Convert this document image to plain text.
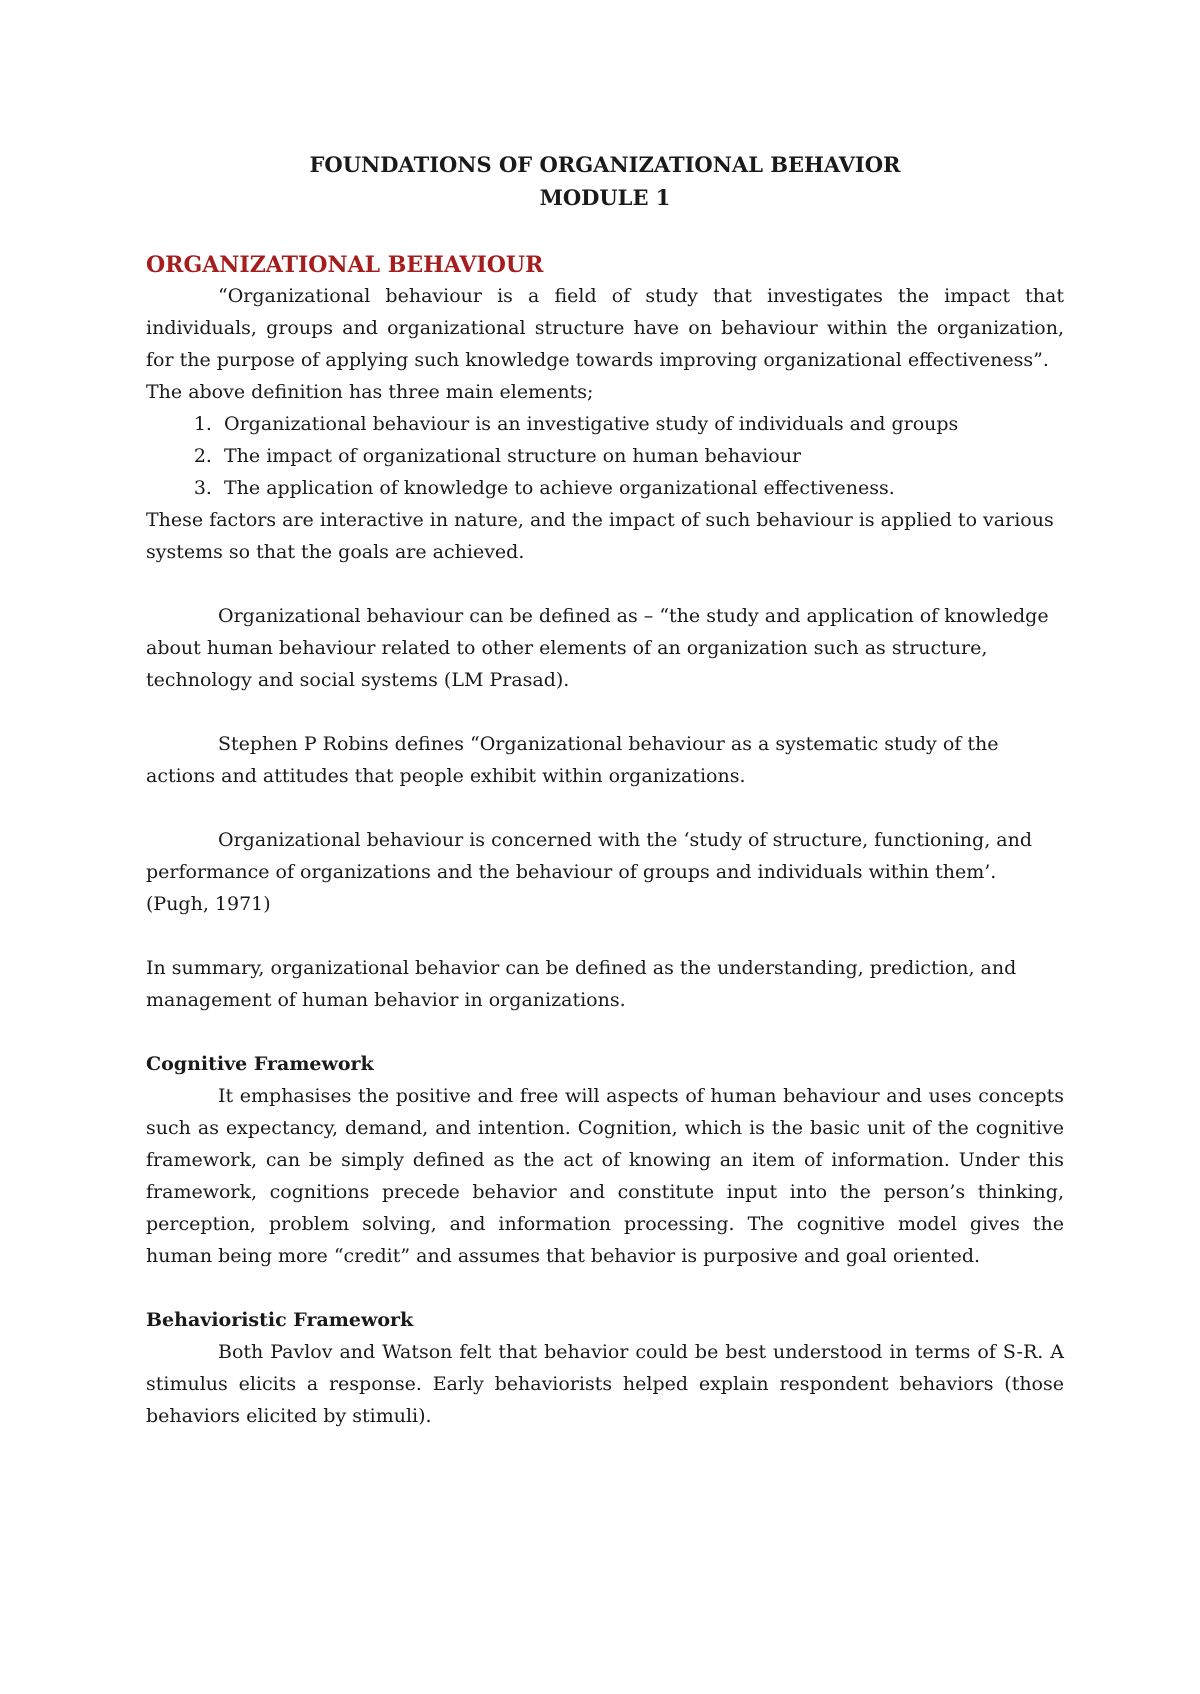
FOUNDATIONS OF ORGANIZATIONAL BEHAVIOR

MODULE 1

ORGANIZATIONAL BEHAVIOUR

“Organizational behaviour is a field of study that investigates the impact that individuals, groups and organizational structure have on behaviour within the organization, for the purpose of applying such knowledge towards improving organizational effectiveness”.

The above definition has three main elements;

1. Organizational behaviour is an investigative study of individuals and groups
2. The impact of organizational structure on human behaviour
3. The application of knowledge to achieve organizational effectiveness.

These factors are interactive in nature, and the impact of such behaviour is applied to various systems so that the goals are achieved.

Organizational behaviour can be defined as – “the study and application of knowledge about human behaviour related to other elements of an organization such as structure, technology and social systems (LM Prasad).

Stephen P Robins defines “Organizational behaviour as a systematic study of the actions and attitudes that people exhibit within organizations.

Organizational behaviour is concerned with the ‘study of structure, functioning, and performance of organizations and the behaviour of groups and individuals within them’.

(Pugh, 1971)

In summary, organizational behavior can be defined as the understanding, prediction, and management of human behavior in organizations.

Cognitive Framework

It emphasises the positive and free will aspects of human behaviour and uses concepts such as expectancy, demand, and intention. Cognition, which is the basic unit of the cognitive framework, can be simply defined as the act of knowing an item of information. Under this framework, cognitions precede behavior and constitute input into the person’s thinking, perception, problem solving, and information processing. The cognitive model gives the human being more “credit” and assumes that behavior is purposive and goal oriented.

Behavioristic Framework

Both Pavlov and Watson felt that behavior could be best understood in terms of S-R. A stimulus elicits a response. Early behaviorists helped explain respondent behaviors (those behaviors elicited by stimuli).
